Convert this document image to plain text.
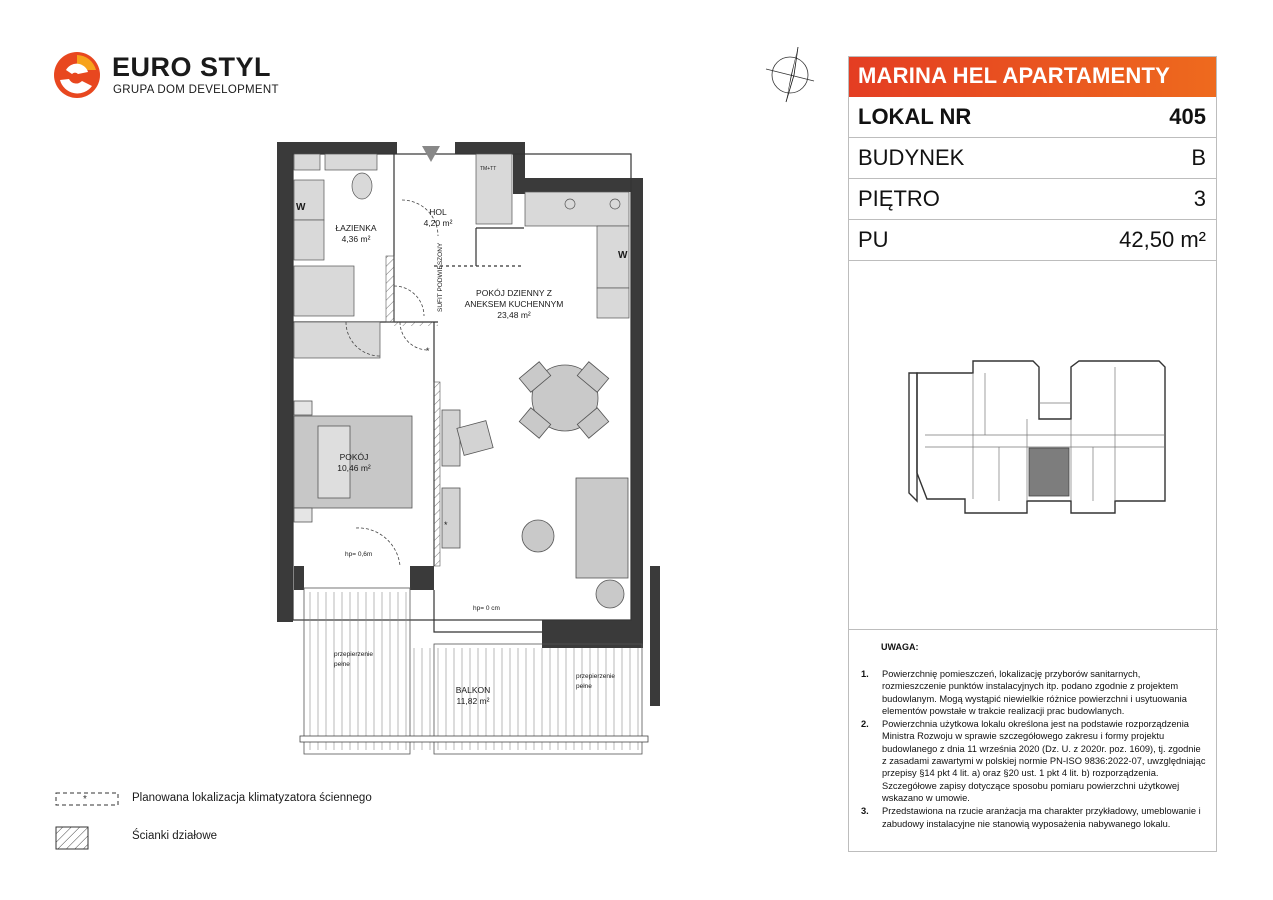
EURO STYL
GRUPA DOM DEVELOPMENT
ŁAZIENKA
4,36 m²
HOL
4,20 m²
POKÓJ DZIENNY Z
ANEKSEM KUCHENNYM
23,48 m²
POKÓJ
10,46 m²
BALKON
11,82 m²
SUFIT PODWIESZONY
hp= 0,6m
hp= 0 cm
przepierzenie
pełne
przepierzenie
pełne
TM+TT
W
W
*
*
MARINA HEL APARTAMENTY
LOKAL NR	405
BUDYNEK	B
PIĘTRO	3
PU	42,50 m²
UWAGA:
1. Powierzchnię pomieszczeń, lokalizację przyborów sanitarnych, rozmieszczenie punktów instalacyjnych itp. podano zgodnie z projektem budowlanym. Mogą wystąpić niewielkie różnice powierzchni i usytuowania elementów powstałe w trakcie realizacji prac budowlanych.
2. Powierzchnia użytkowa lokalu określona jest na podstawie rozporządzenia Ministra Rozwoju w sprawie szczegółowego zakresu i formy projektu budowlanego z dnia 11 września 2020 (Dz. U. z 2020r. poz. 1609), tj. zgodnie z zasadami zawartymi w polskiej normie PN-ISO 9836:2022-07, uwzględniając przepisy §14 pkt 4 lit. a) oraz §20 ust. 1 pkt 4 lit. b) rozporządzenia. Szczegółowe zapisy dotyczące sposobu pomiaru powierzchni użytkowej wskazano w umowie.
3. Przedstawiona na rzucie aranżacja ma charakter przykładowy, umeblowanie i zabudowy instalacyjne nie stanowią wyposażenia nabywanego lokalu.
*	Planowana lokalizacja klimatyzatora ściennego
Ścianki działowe
